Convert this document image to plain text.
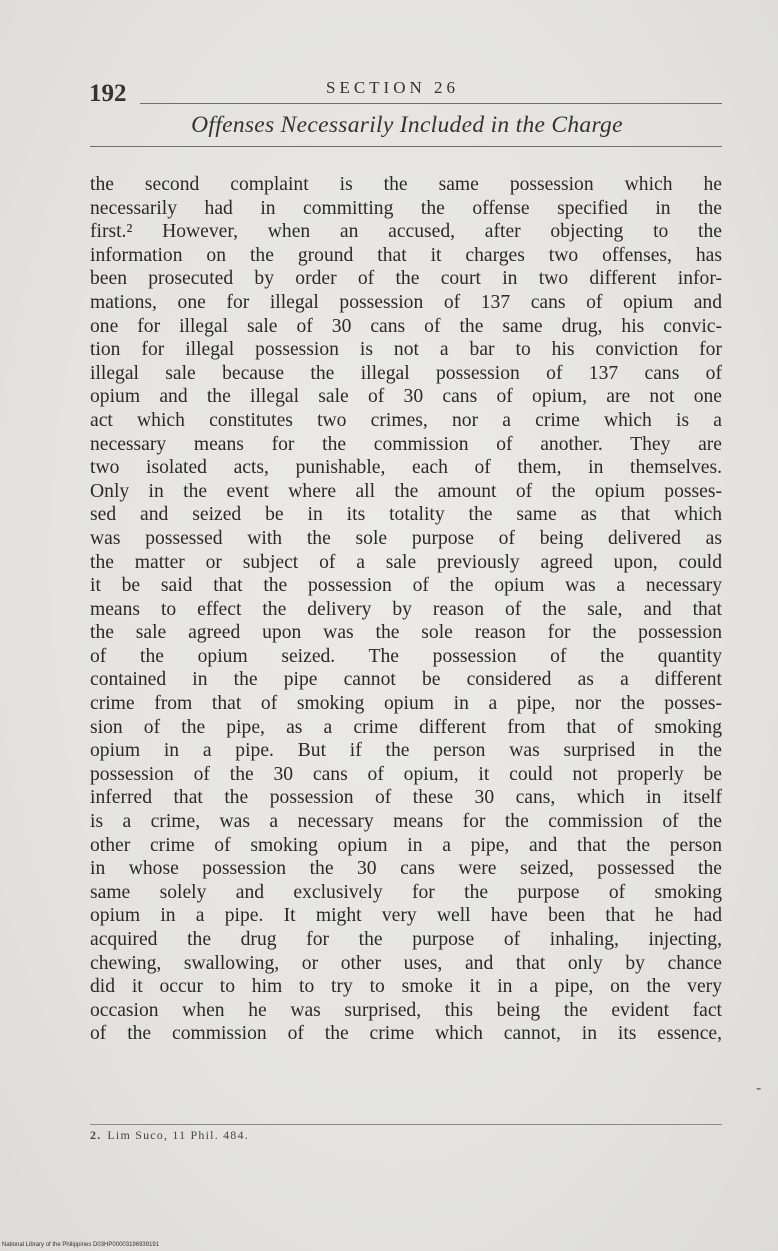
192	SECTION 26
Offenses Necessarily Included in the Charge
the second complaint is the same possession which he
necessarily had in committing the offense specified in the
first.² However, when an accused, after objecting to the
information on the ground that it charges two offenses, has
been prosecuted by order of the court in two different infor-
mations, one for illegal possession of 137 cans of opium and
one for illegal sale of 30 cans of the same drug, his convic-
tion for illegal possession is not a bar to his conviction for
illegal sale because the illegal possession of 137 cans of
opium and the illegal sale of 30 cans of opium, are not one
act which constitutes two crimes, nor a crime which is a
necessary means for the commission of another. They are
two isolated acts, punishable, each of them, in themselves.
Only in the event where all the amount of the opium posses-
sed and seized be in its totality the same as that which
was possessed with the sole purpose of being delivered as
the matter or subject of a sale previously agreed upon, could
it be said that the possession of the opium was a necessary
means to effect the delivery by reason of the sale, and that
the sale agreed upon was the sole reason for the possession
of the opium seized. The possession of the quantity
contained in the pipe cannot be considered as a different
crime from that of smoking opium in a pipe, nor the posses-
sion of the pipe, as a crime different from that of smoking
opium in a pipe. But if the person was surprised in the
possession of the 30 cans of opium, it could not properly be
inferred that the possession of these 30 cans, which in itself
is a crime, was a necessary means for the commission of the
other crime of smoking opium in a pipe, and that the person
in whose possession the 30 cans were seized, possessed the
same solely and exclusively for the purpose of smoking
opium in a pipe. It might very well have been that he had
acquired the drug for the purpose of inhaling, injecting,
chewing, swallowing, or other uses, and that only by chance
did it occur to him to try to smoke it in a pipe, on the very
occasion when he was surprised, this being the evident fact
of the commission of the crime which cannot, in its essence,
-
2. Lim Suco, 11 Phil. 484.
National Library of the Philippines D03HP00003196939191
